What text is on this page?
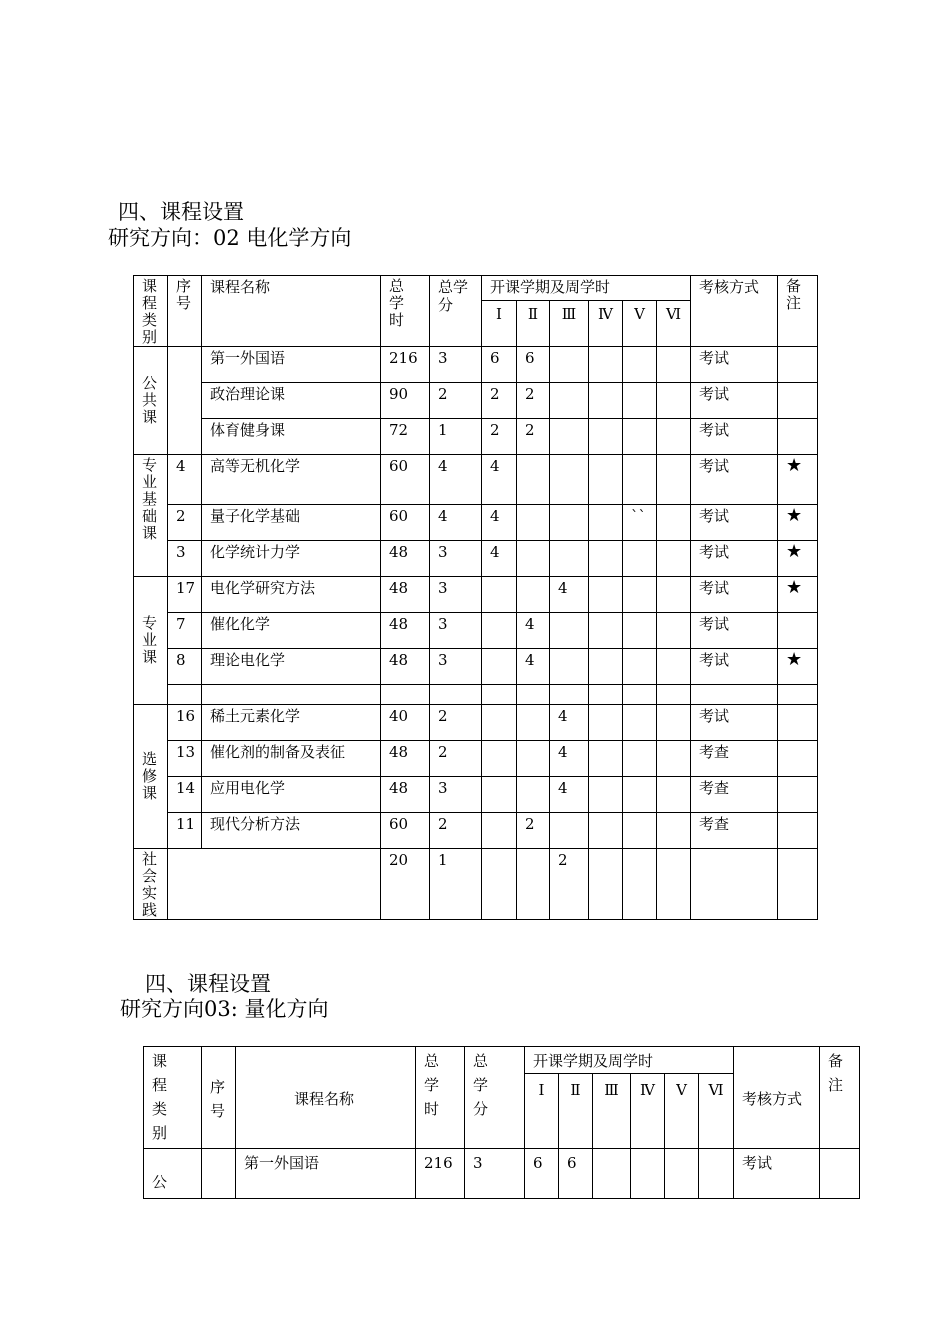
四、课程设置
研究方向：02 电化学方向
课程类别	序号	课程名称	总学时	总学分	开课学期及周学时						考核方式	备注

					Ⅰ	Ⅱ	Ⅲ	Ⅳ	Ⅴ	Ⅵ		

公共课		第一外国语	216	3	6	6					考试	
		政治理论课	90	2	2	2					考试	
		体育健身课	72	1	2	2					考试	

专业基础课	4	高等无机化学	60	4	4						考试	★
	2	量子化学基础	60	4	4				``		考试	★
	3	化学统计力学	48	3	4						考试	★

专业课	17	电化学研究方法	48	3			4				考试	★
	7	催化化学	48	3		4					考试	
	8	理论电化学	48	3		4					考试	★

选修课	16	稀土元素化学	40	2			4				考试	
	13	催化剂的制备及表征	48	2			4				考查	
	14	应用电化学	48	3			4				考查	
	11	现代分析方法	60	2		2					考查	

社会实践			20	1			2					
四、课程设置
研究方向03: 量化方向
课程类别	序号	课程名称	总学时	总学分	开课学期及周学时						考核方式	备注

					Ⅰ	Ⅱ	Ⅲ	Ⅳ	Ⅴ	Ⅵ		
公		第一外国语	216	3	6	6					考试	
